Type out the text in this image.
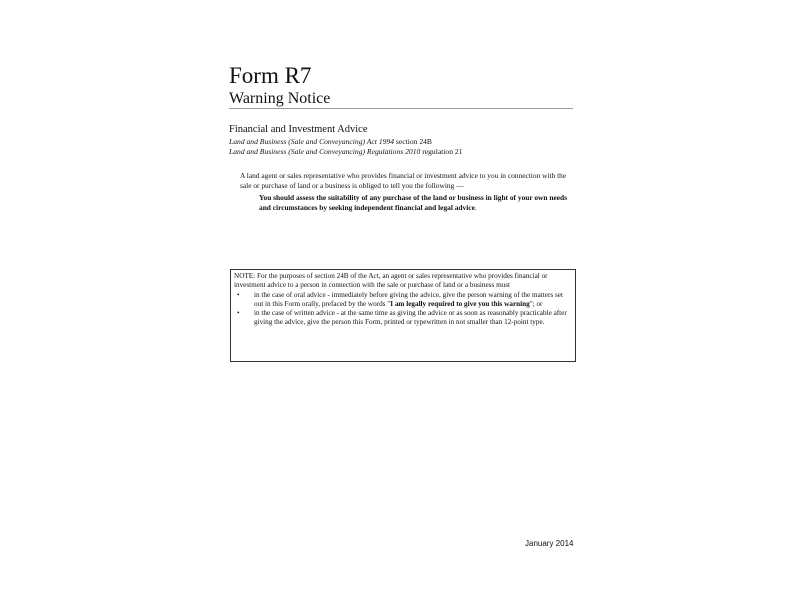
Form R7
Warning Notice
Financial and Investment Advice
Land and Business (Sale and Conveyancing) Act 1994 section 24B
Land and Business (Sale and Conveyancing) Regulations 2010 regulation 21

A land agent or sales representative who provides financial or investment advice to you in connection with the sale or purchase of land or a business is obliged to tell you the following —

You should assess the suitability of any purchase of the land or business in light of your own needs and circumstances by seeking independent financial and legal advice.

NOTE: For the purposes of section 24B of the Act, an agent or sales representative who provides financial or investment advice to a person in connection with the sale or purchase of land or a business must

• in the case of oral advice - immediately before giving the advice, give the person warning of the matters set out in this Form orally, prefaced by the words "I am legally required to give you this warning"; or
• in the case of written advice - at the same time as giving the advice or as soon as reasonably practicable after giving the advice, give the person this Form, printed or typewritten in not smaller than 12-point type.
January 2014
